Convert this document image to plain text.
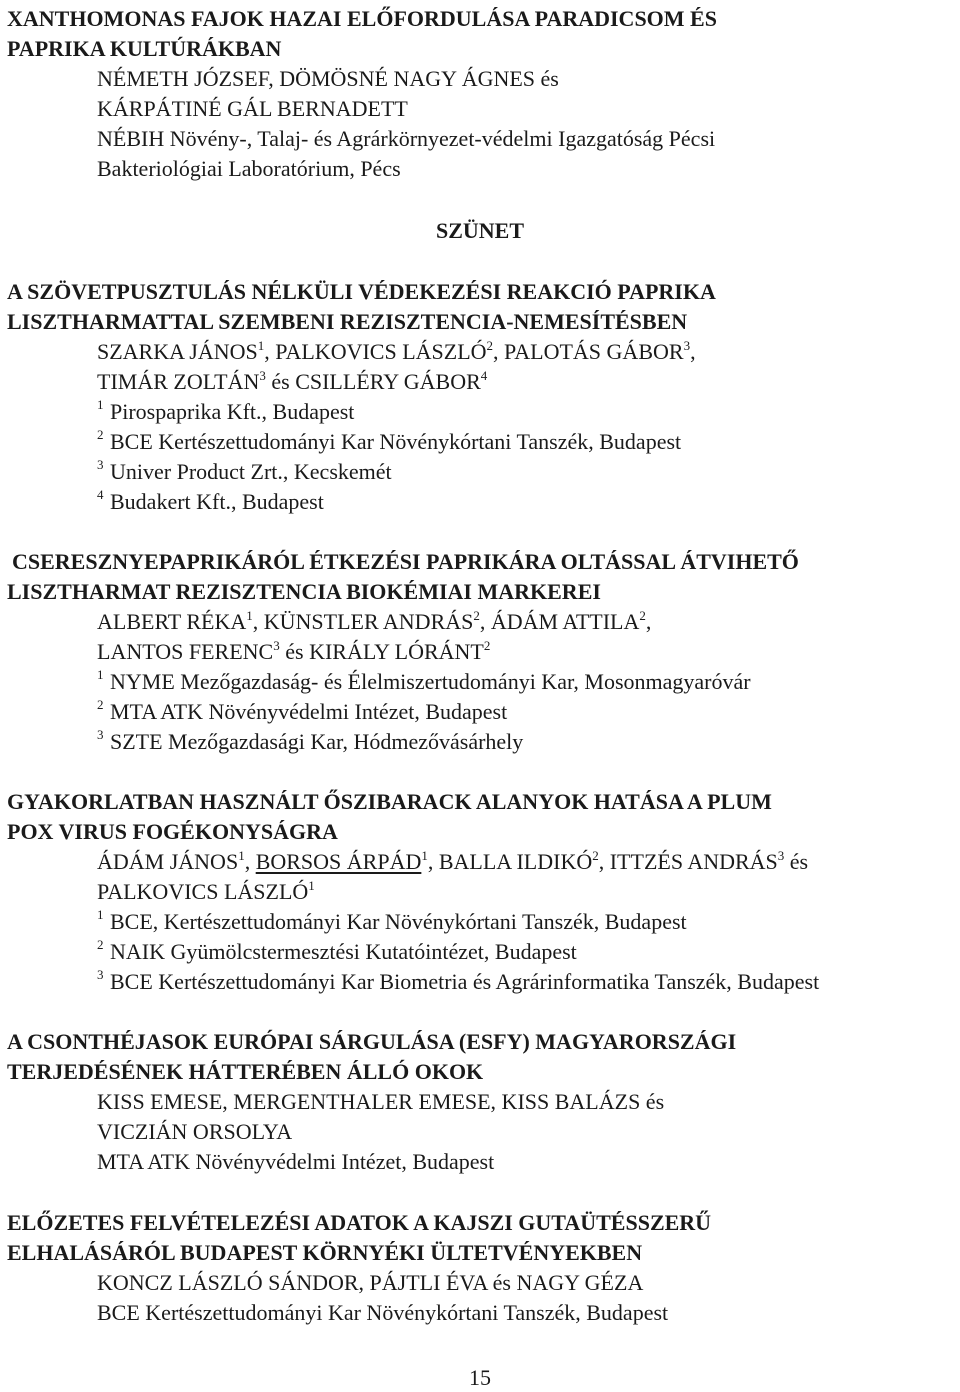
XANTHOMONAS FAJOK HAZAI ELŐFORDULÁSA PARADICSOM ÉS
PAPRIKA KULTÚRÁKBAN
NÉMETH JÓZSEF, DÖMÖSNÉ NAGY ÁGNES és
KÁRPÁTINÉ GÁL BERNADETT
NÉBIH Növény-, Talaj- és Agrárkörnyezet-védelmi Igazgatóság Pécsi
Bakteriológiai Laboratórium, Pécs
SZÜNET
A SZÖVETPUSZTULÁS NÉLKÜLI VÉDEKEZÉSI REAKCIÓ PAPRIKA
LISZTHARMATTAL SZEMBENI REZISZTENCIA-NEMESÍTÉSBEN
SZARKA JÁNOS$^1$, PALKOVICS LÁSZLÓ$^2$, PALOTÁS GÁBOR$^3$,
TIMÁR ZOLTÁN$^3$ és CSILLÉRY GÁBOR$^4$
$^1$ Pirospaprika Kft., Budapest
$^2$ BCE Kertészettudományi Kar Növénykórtani Tanszék, Budapest
$^3$ Univer Product Zrt., Kecskemét
$^4$ Budakert Kft., Budapest
CSERESZNYEPAPRIKÁRÓL ÉTKEZÉSI PAPRIKÁRA OLTÁSSAL ÁTVIHETŐ
LISZTHARMAT REZISZTENCIA BIOKÉMIAI MARKEREI
ALBERT RÉKA$^1$, KÜNSTLER ANDRÁS$^2$, ÁDÁM ATTILA$^2$,
LANTOS FERENC$^3$ és KIRÁLY LÓRÁNT$^2$
$^1$ NYME Mezőgazdaság- és Élelmiszertudományi Kar, Mosonmagyaróvár
$^2$ MTA ATK Növényvédelmi Intézet, Budapest
$^3$ SZTE Mezőgazdasági Kar, Hódmezővásárhely
GYAKORLATBAN HASZNÁLT ŐSZIBARACK ALANYOK HATÁSA A PLUM
POX VIRUS FOGÉKONYSÁGRA
ÁDÁM JÁNOS$^1$, BORSOS ÁRPÁD$^1$, BALLA ILDIKÓ$^2$, ITTZÉS ANDRÁS$^3$ és
PALKOVICS LÁSZLÓ$^1$
$^1$ BCE, Kertészettudományi Kar Növénykórtani Tanszék, Budapest
$^2$ NAIK Gyümölcstermesztési Kutatóintézet, Budapest
$^3$ BCE Kertészettudományi Kar Biometria és Agrárinformatika Tanszék, Budapest
A CSONTHÉJASOK EURÓPAI SÁRGULÁSA (ESFY) MAGYARORSZÁGI
TERJEDÉSÉNEK HÁTTERÉBEN ÁLLÓ OKOK
KISS EMESE, MERGENTHALER EMESE, KISS BALÁZS és
VICZIÁN ORSOLYA
MTA ATK Növényvédelmi Intézet, Budapest
ELŐZETES FELVÉTELEZÉSI ADATOK A KAJSZI GUTAÜTÉSSZERŰ
ELHALÁSÁRÓL BUDAPEST KÖRNYÉKI ÜLTETVÉNYEKBEN
KONCZ LÁSZLÓ SÁNDOR, PÁJTLI ÉVA és NAGY GÉZA
BCE Kertészettudományi Kar Növénykórtani Tanszék, Budapest
15
